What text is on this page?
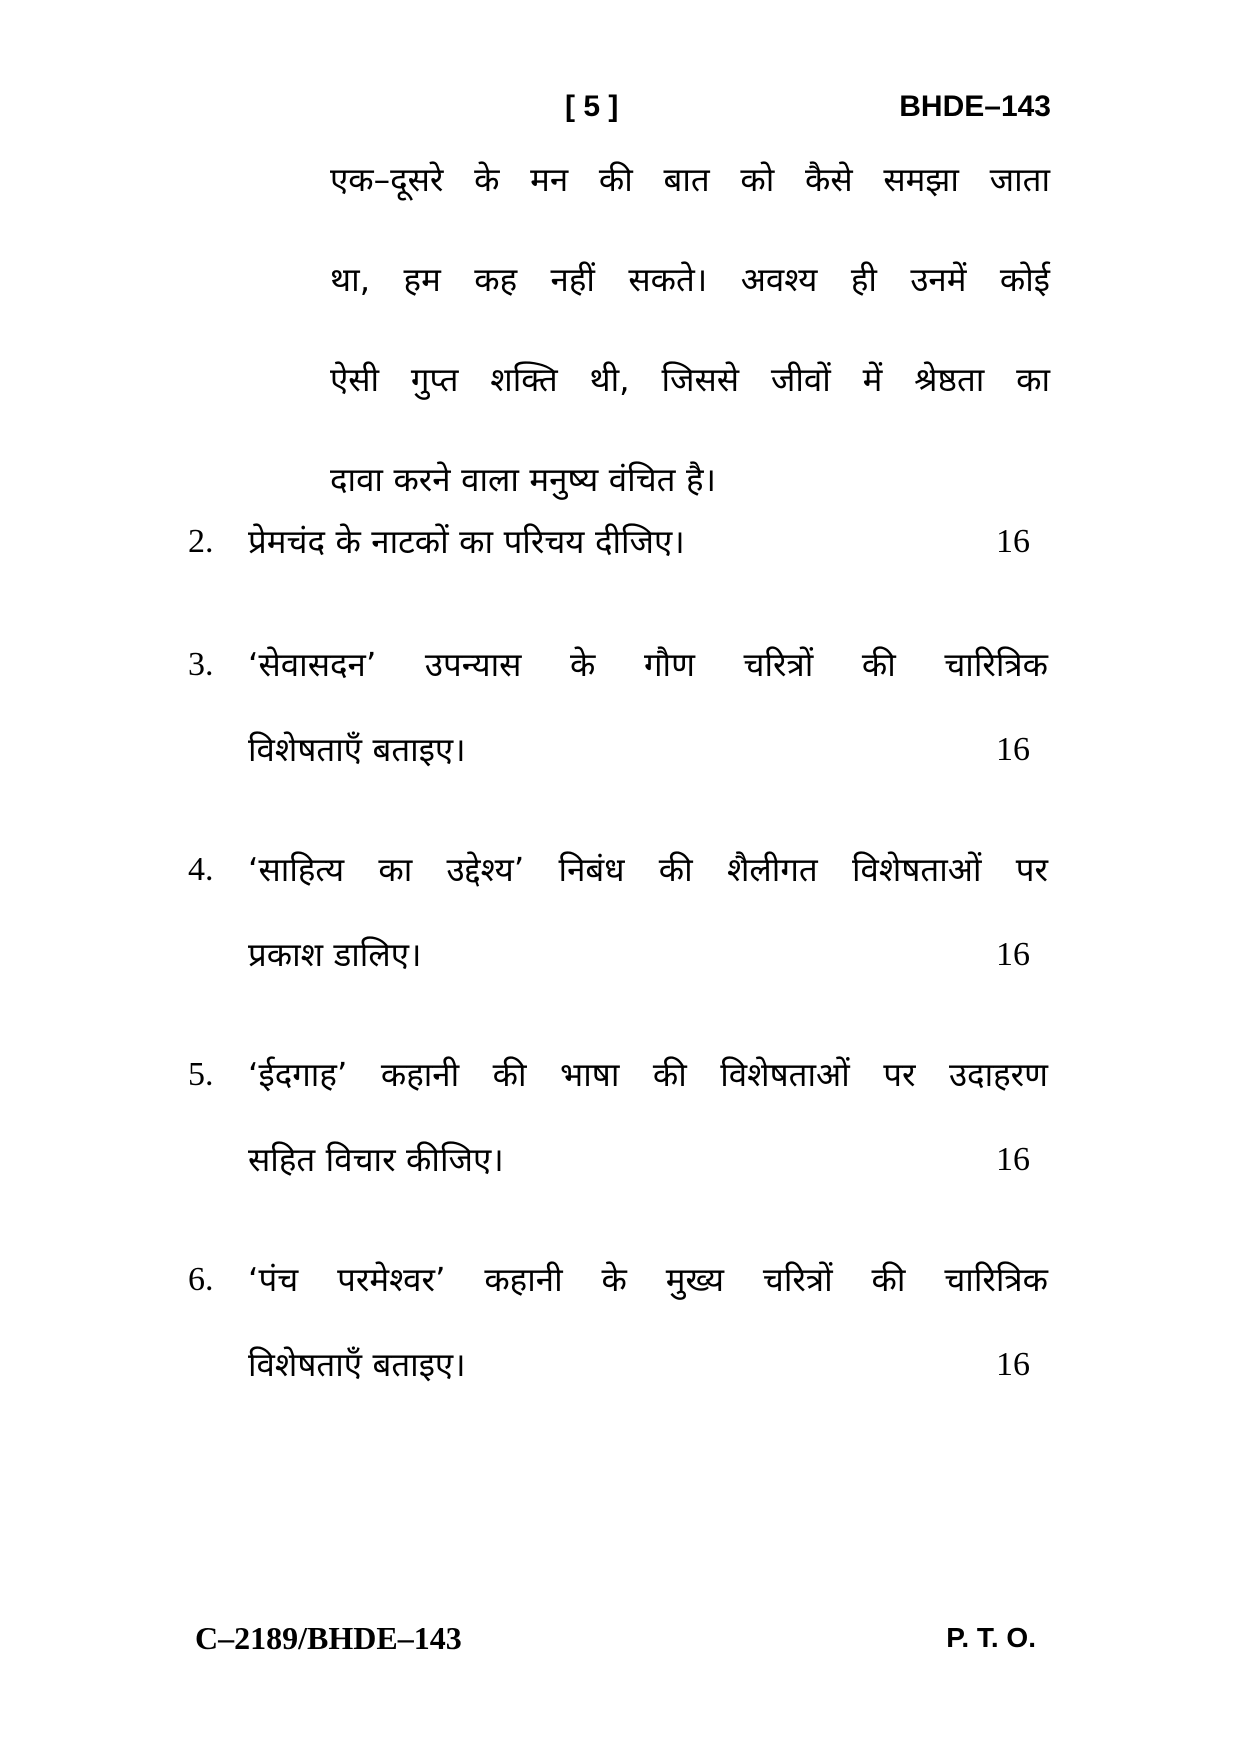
[ 5 ]	BHDE–143
एक–दूसरे के मन की बात को कैसे समझा जाता
था, हम कह नहीं सकते। अवश्य ही उनमें कोई
ऐसी गुप्त शक्ति थी, जिससे जीवों में श्रेष्ठता का
दावा करने वाला मनुष्य वंचित है।
2.	प्रेमचंद के नाटकों का परिचय दीजिए।	16
3.	‘सेवासदन’ उपन्यास के गौण चरित्रों की चारित्रिक
विशेषताएँ बताइए।	16
4.	‘साहित्य का उद्देश्य’ निबंध की शैलीगत विशेषताओं पर
प्रकाश डालिए।	16
5.	‘ईदगाह’ कहानी की भाषा की विशेषताओं पर उदाहरण
सहित विचार कीजिए।	16
6.	‘पंच परमेश्वर’ कहानी के मुख्य चरित्रों की चारित्रिक
विशेषताएँ बताइए।	16
C–2189/BHDE–143	P. T. O.
